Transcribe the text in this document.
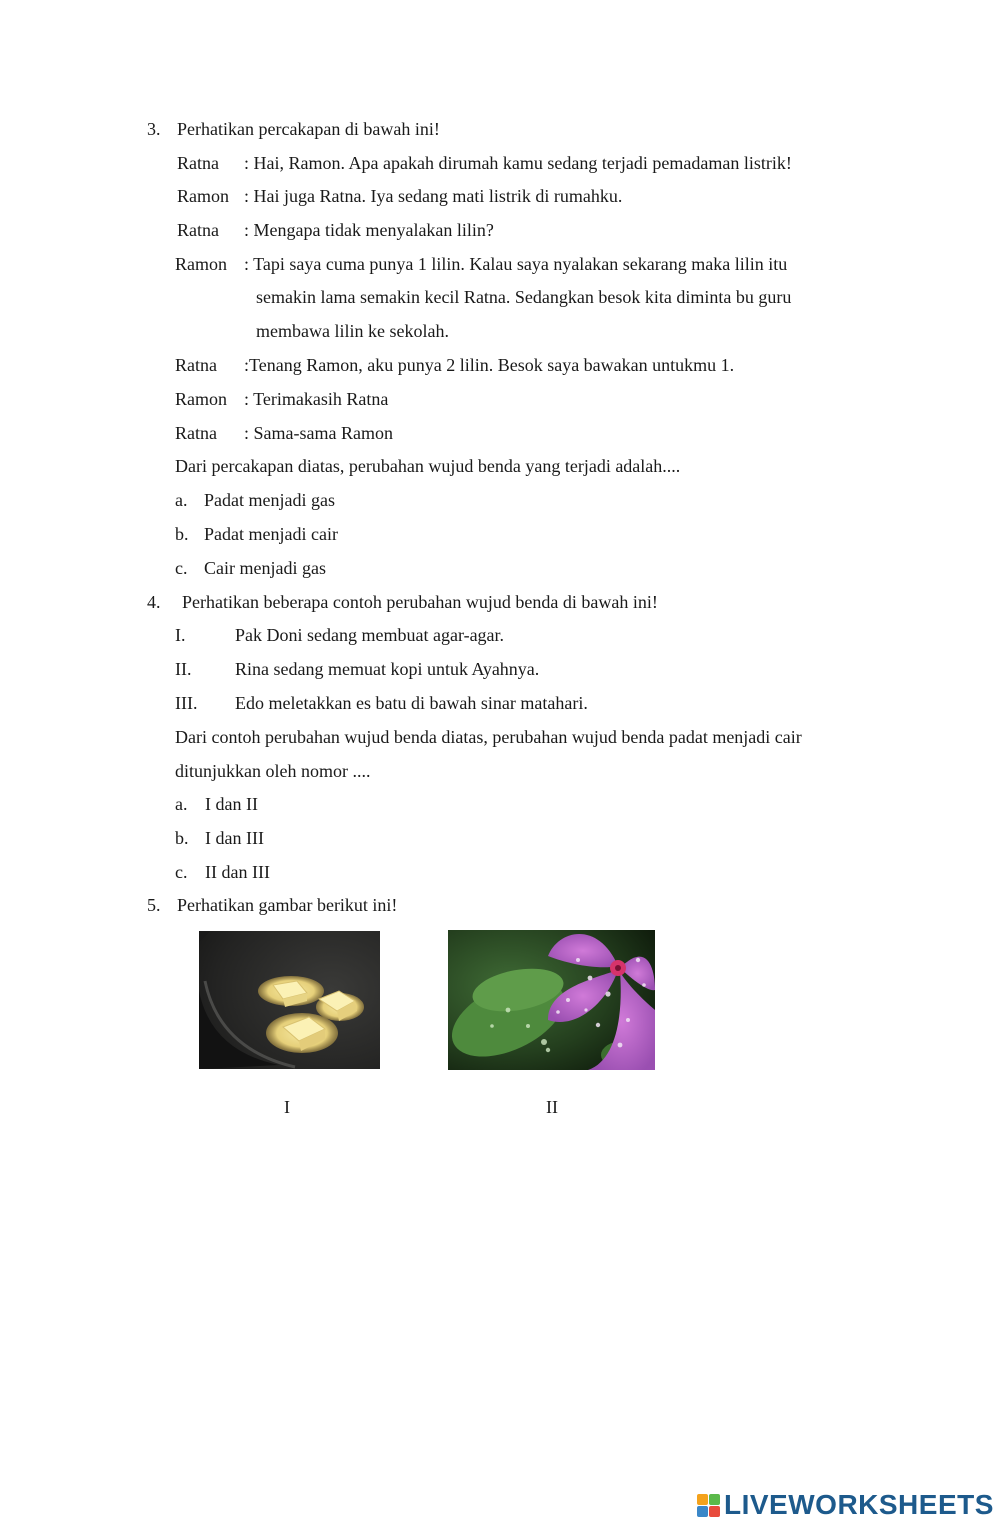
3. Perhatikan percakapan di bawah ini!
Ratna : Hai, Ramon. Apa apakah dirumah kamu sedang terjadi pemadaman listrik!
Ramon : Hai juga Ratna. Iya sedang mati listrik di rumahku.
Ratna : Mengapa tidak menyalakan lilin?
Ramon : Tapi saya cuma punya 1 lilin. Kalau saya nyalakan sekarang maka lilin itu
semakin lama semakin kecil Ratna. Sedangkan besok kita diminta bu guru
membawa lilin ke sekolah.
Ratna :Tenang Ramon, aku punya 2 lilin. Besok saya bawakan untukmu 1.
Ramon : Terimakasih Ratna
Ratna : Sama-sama Ramon
Dari percakapan diatas, perubahan wujud benda yang terjadi adalah....
a. Padat menjadi gas
b. Padat menjadi cair
c. Cair menjadi gas
4. Perhatikan beberapa contoh perubahan wujud benda di bawah ini!
I.	Pak Doni sedang membuat agar-agar.
II. Rina sedang memuat kopi untuk Ayahnya.
III. Edo meletakkan es batu di bawah sinar matahari.
Dari contoh perubahan wujud benda diatas, perubahan wujud benda padat menjadi cair
ditunjukkan oleh nomor ....
a. I dan II
b. I dan III
c. II dan III
5. Perhatikan gambar berikut ini!
I	II
LIVEWORKSHEETS
